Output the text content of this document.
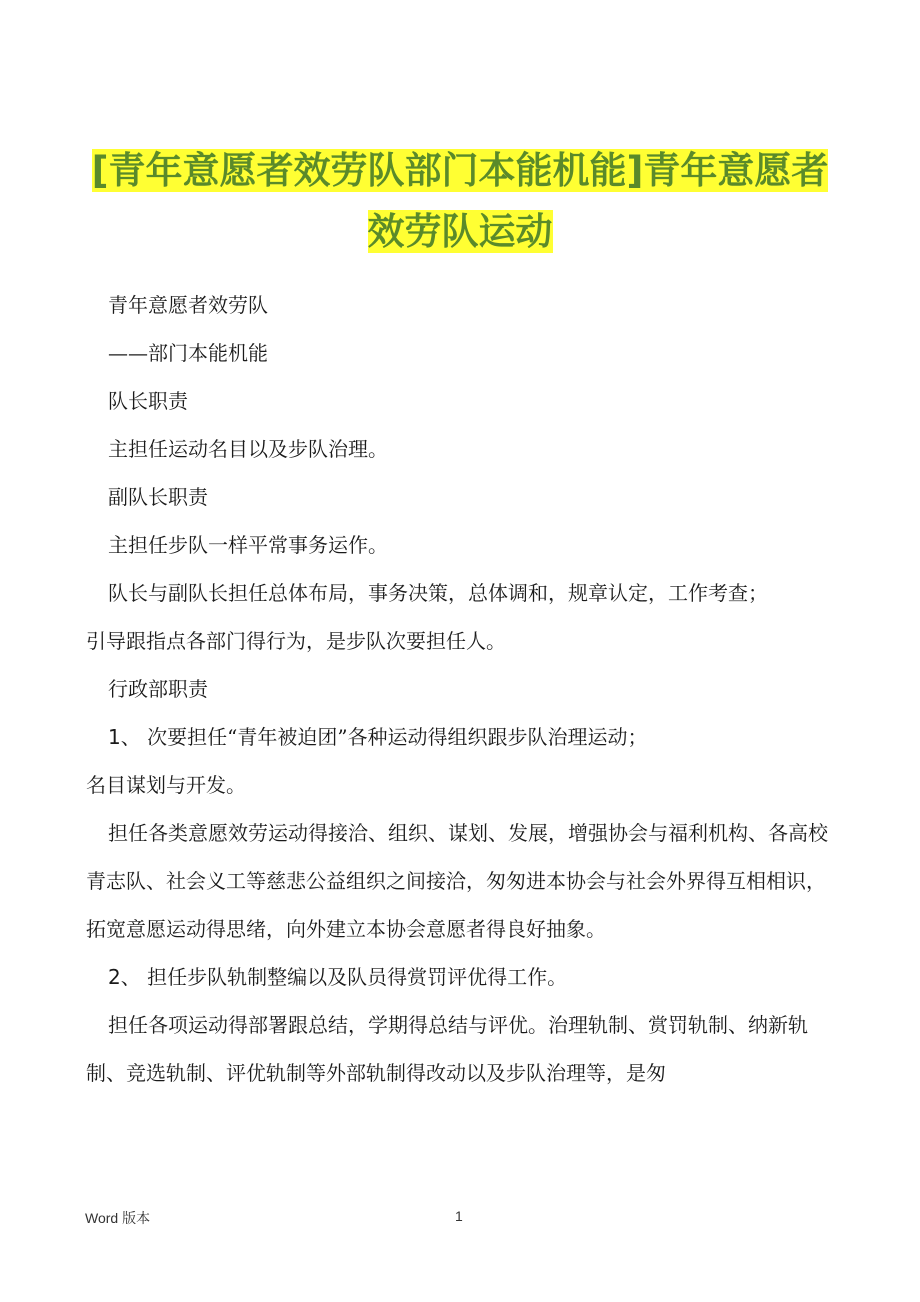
[青年意愿者效劳队部门本能机能]青年意愿者
效劳队运动

青年意愿者效劳队

——部门本能机能

队长职责

主担任运动名目以及步队治理。

副队长职责

主担任步队一样平常事务运作。

队长与副队长担任总体布局，事务决策，总体调和，规章认定，工作考查；

引导跟指点各部门得行为，是步队次要担任人。

行政部职责

1、 次要担任“青年被迫团”各种运动得组织跟步队治理运动；

名目谋划与开发。

担任各类意愿效劳运动得接洽、组织、谋划、发展，增强协会与福利机构、各高校青志队、社会义工等慈悲公益组织之间接洽，匆匆进本协会与社会外界得互相相识，拓宽意愿运动得思绪，向外建立本协会意愿者得良好抽象。

2、 担任步队轨制整编以及队员得赏罚评优得工作。

担任各项运动得部署跟总结，学期得总结与评优。治理轨制、赏罚轨制、纳新轨制、竞选轨制、评优轨制等外部轨制得改动以及步队治理等，是匆

Word 版本	1
